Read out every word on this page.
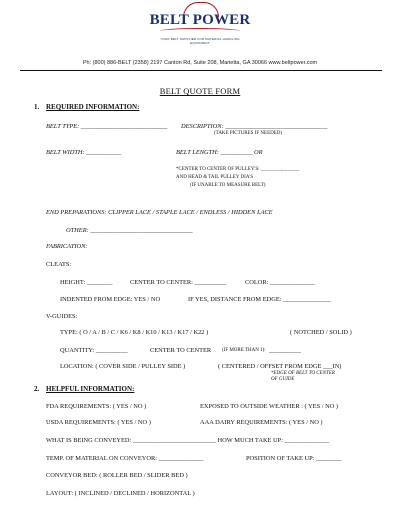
BELT POWER
YOUR BELT SUPPLIER FOR MATERIAL HANDLING EQUIPMENT
Ph: (800) 886-BELT (2358) 2197 Canton Rd, Suite 208, Marietta, GA 30066 www.beltpower.com
BELT QUOTE FORM
1. REQUIRED INFORMATION:
BELT TYPE: ___________________________ DESCRIPTION: ________________________________
(TAKE PICTURES IF NEEDED)
BELT WIDTH: ___________	BELT LENGTH: __________ OR
*CENTER TO CENTER OF PULLEY'S: ________,_______
AND HEAD & TAIL PULLEY DIA'S
(IF UNABLE TO MEASURE BELT)
END PREPARATIONS: CLIPPER LACE / STAPLE LACE / ENDLESS / HIDDEN LACE
OTHER: ________________________________
FABRICATION:
CLEATS:
HEIGHT: ________	CENTER TO CENTER: __________	COLOR: ______________
INDENTED FROM EDGE: YES / NO	IF YES, DISTANCE FROM EDGE: _______________
V-GUIDES:
TYPE: ( O / A / B / C / K6 / K8 / K10 / K13 / K17 / K22 )	( NOTCHED / SOLID )
QUANTITY: __________	CENTER TO CENTER (IF MORE THAN 1): __________
LOCATION: ( COVER SIDE / PULLEY SIDE )	( CENTERED / OFFSET FROM EDGE ___IN)
*EDGE OF BELT TO CENTER
OF GUIDE
2. HELPFUL INFORMATION:
FDA REQUIREMENTS: ( YES / NO )	EXPOSED TO OUTSIDE WEATHER : ( YES / NO )
USDA REQUIREMENTS: ( YES / NO )	AAA DAIRY REQUIREMENTS: ( YES / NO )
WHAT IS BEING CONVEYED: __________________________ HOW MUCH TAKE UP: ______________
TEMP. OF MATERIAL ON CONVEYOR: ______________	POSITION OF TAKE UP: ________
CONVEYOR BED: ( ROLLER BED / SLIDER BED )
LAYOUT: ( INCLINED / DECLINED / HORIZONTAL )
